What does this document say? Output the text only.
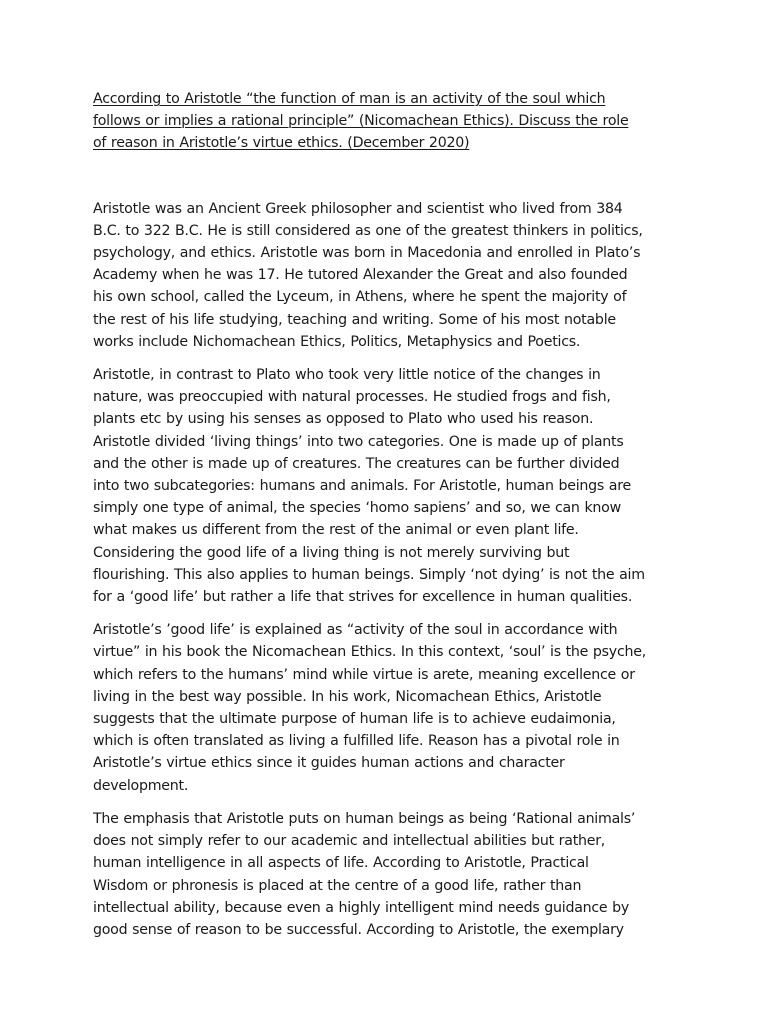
According to Aristotle “the function of man is an activity of the soul which
follows or implies a rational principle” (Nicomachean Ethics). Discuss the role
of reason in Aristotle’s virtue ethics. (December 2020)

Aristotle was an Ancient Greek philosopher and scientist who lived from 384
B.C. to 322 B.C. He is still considered as one of the greatest thinkers in politics,
psychology, and ethics. Aristotle was born in Macedonia and enrolled in Plato’s
Academy when he was 17. He tutored Alexander the Great and also founded
his own school, called the Lyceum, in Athens, where he spent the majority of
the rest of his life studying, teaching and writing. Some of his most notable
works include Nichomachean Ethics, Politics, Metaphysics and Poetics.

Aristotle, in contrast to Plato who took very little notice of the changes in
nature, was preoccupied with natural processes. He studied frogs and fish,
plants etc by using his senses as opposed to Plato who used his reason.
Aristotle divided ‘living things’ into two categories. One is made up of plants
and the other is made up of creatures. The creatures can be further divided
into two subcategories: humans and animals. For Aristotle, human beings are
simply one type of animal, the species ‘homo sapiens’ and so, we can know
what makes us different from the rest of the animal or even plant life.
Considering the good life of a living thing is not merely surviving but
flourishing. This also applies to human beings. Simply ‘not dying’ is not the aim
for a ‘good life’ but rather a life that strives for excellence in human qualities.

Aristotle’s ’good life’ is explained as “activity of the soul in accordance with
virtue” in his book the Nicomachean Ethics. In this context, ‘soul’ is the psyche,
which refers to the humans’ mind while virtue is arete, meaning excellence or
living in the best way possible. In his work, Nicomachean Ethics, Aristotle
suggests that the ultimate purpose of human life is to achieve eudaimonia,
which is often translated as living a fulfilled life. Reason has a pivotal role in
Aristotle’s virtue ethics since it guides human actions and character
development.

The emphasis that Aristotle puts on human beings as being ‘Rational animals’
does not simply refer to our academic and intellectual abilities but rather,
human intelligence in all aspects of life. According to Aristotle, Practical
Wisdom or phronesis is placed at the centre of a good life, rather than
intellectual ability, because even a highly intelligent mind needs guidance by
good sense of reason to be successful. According to Aristotle, the exemplary
